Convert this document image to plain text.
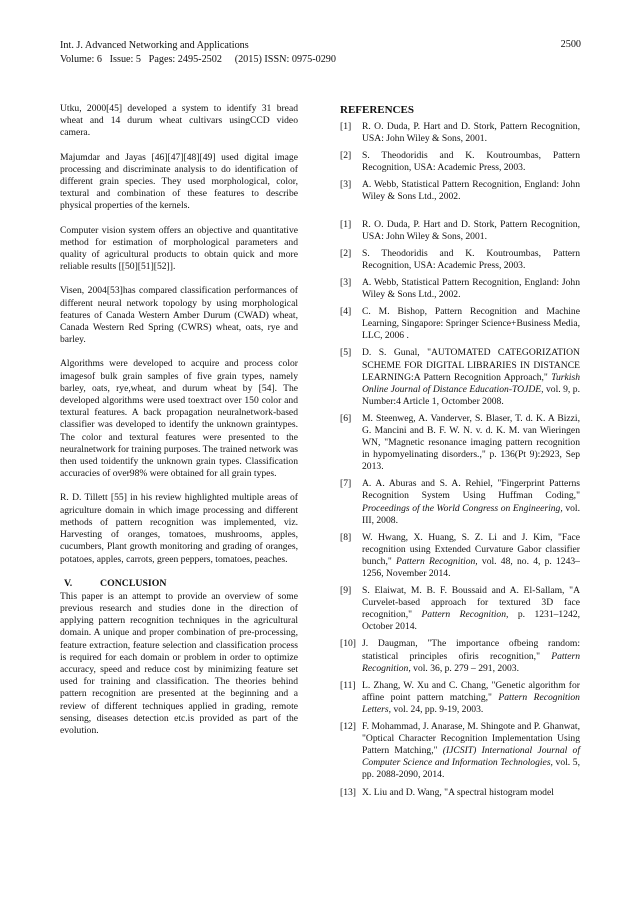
Int. J. Advanced Networking and Applications
Volume: 6   Issue: 5   Pages: 2495-2502     (2015) ISSN: 0975-0290
2500

Utku, 2000[45] developed a system to identify 31 bread wheat and 14 durum wheat cultivars usingCCD video camera.

Majumdar and Jayas [46][47][48][49] used digital image processing and discriminate analysis to do identification of different grain species. They used morphological, color, textural and combination of these features to describe physical properties of the kernels.

Computer vision system offers an objective and quantitative method for estimation of morphological parameters and quality of agricultural products to obtain quick and more reliable results [[50][51][52]].

Visen, 2004[53]has compared classification performances of different neural network topology by using morphological features of Canada Western Amber Durum (CWAD) wheat, Canada Western Red Spring (CWRS) wheat, oats, rye and barley.

Algorithms were developed to acquire and process color imagesof bulk grain samples of five grain types, namely barley, oats, rye,wheat, and durum wheat by [54]. The developed algorithms were used toextract over 150 color and textural features. A back propagation neuralnetwork-based classifier was developed to identify the unknown graintypes. The color and textural features were presented to the neuralnetwork for training purposes. The trained network was then used toidentify the unknown grain types. Classification accuracies of over98% were obtained for all grain types.

R. D. Tillett [55] in his review highlighted multiple areas of agriculture domain in which image processing and different methods of pattern recognition was implemented, viz. Harvesting of oranges, tomatoes, mushrooms, apples, cucumbers, Plant growth monitoring and grading of oranges, potatoes, apples, carrots, green peppers, tomatoes, peaches.

V.	CONCLUSION

This paper is an attempt to provide an overview of some previous research and studies done in the direction of applying pattern recognition techniques in the agricultural domain. A unique and proper combination of pre-processing, feature extraction, feature selection and classification process is required for each domain or problem in order to optimize accuracy, speed and reduce cost by minimizing feature set used for training and classification. The theories behind pattern recognition are presented at the beginning and a review of different techniques applied in grading, remote sensing, diseases detection etc.is provided as part of the evolution.

REFERENCES
[1]	R. O. Duda, P. Hart and D. Stork, Pattern Recognition, USA: John Wiley & Sons, 2001.
[2]	S. Theodoridis and K. Koutroumbas, Pattern Recognition, USA: Academic Press, 2003.
[3]	A. Webb, Statistical Pattern Recognition, England: John Wiley & Sons Ltd., 2002.
[1]	R. O. Duda, P. Hart and D. Stork, Pattern Recognition, USA: John Wiley & Sons, 2001.
[2]	S. Theodoridis and K. Koutroumbas, Pattern Recognition, USA: Academic Press, 2003.
[3]	A. Webb, Statistical Pattern Recognition, England: John Wiley & Sons Ltd., 2002.
[4]	C. M. Bishop, Pattern Recognition and Machine Learning, Singapore: Springer Science+Business Media, LLC, 2006 .
[5]	D. S. Gunal, "AUTOMATED CATEGORIZATION SCHEME FOR DIGITAL LIBRARIES IN DISTANCE LEARNING:A Pattern Recognition Approach," Turkish Online Journal of Distance Education-TOJDE, vol. 9, p. Number:4 Article 1, Octomber 2008.
[6]	M. Steenweg, A. Vanderver, S. Blaser, T. d. K. A Bizzi, G. Mancini and B. F. W. N. v. d. K. M. van Wieringen WN, "Magnetic resonance imaging pattern recognition in hypomyelinating disorders.," p. 136(Pt 9):2923, Sep 2013.
[7]	A. A. Aburas and S. A. Rehiel, "Fingerprint Patterns Recognition System Using Huffman Coding," Proceedings of the World Congress on Engineering, vol. III, 2008.
[8]	W. Hwang, X. Huang, S. Z. Li and J. Kim, "Face recognition using Extended Curvature Gabor classifier bunch," Pattern Recognition, vol. 48, no. 4, p. 1243–1256, November 2014.
[9]	S. Elaiwat, M. B. F. Boussaid and A. El-Sallam, "A Curvelet-based approach for textured 3D face recognition," Pattern Recognition, p. 1231–1242, October 2014.
[10] J. Daugman, "The importance ofbeing random: statistical principles ofiris recognition," Pattern Recognition, vol. 36, p. 279 – 291, 2003.
[11] L. Zhang, W. Xu and C. Chang, "Genetic algorithm for affine point pattern matching," Pattern Recognition Letters, vol. 24, pp. 9-19, 2003.
[12] F. Mohammad, J. Anarase, M. Shingote and P. Ghanwat, "Optical Character Recognition Implementation Using Pattern Matching," (IJCSIT) International Journal of Computer Science and Information Technologies, vol. 5, pp. 2088-2090, 2014.
[13] X. Liu and D. Wang, "A spectral histogram model
